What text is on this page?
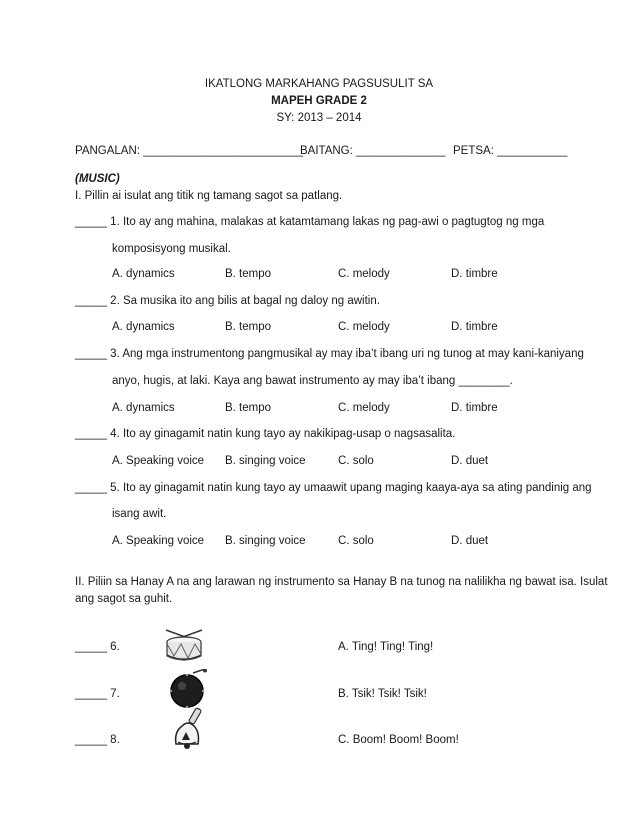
IKATLONG MARKAHANG PAGSUSULIT SA
MAPEH GRADE 2
SY: 2013 – 2014
PANGALAN: _________________________
BAITANG: ______________ PETSA: ___________
(MUSIC)
I. Pillin ai isulat ang titik ng tamang sagot sa patlang.
_____ 1. Ito ay ang mahina, malakas at katamtamang lakas ng pag-awi o pagtugtog ng mga
komposisyong musikal.
A. dynamics	B. tempo	C. melody	D. timbre
_____ 2. Sa musika ito ang bilis at bagal ng daloy ng awitin.
A. dynamics	B. tempo	C. melody	D. timbre
_____ 3. Ang mga instrumentong pangmusikal ay may iba’t ibang uri ng tunog at may kani-kaniyang
anyo, hugis, at laki. Kaya ang bawat instrumento ay may iba’t ibang ________.
A. dynamics	B. tempo	C. melody	D. timbre
_____ 4. Ito ay ginagamit natin kung tayo ay nakikipag-usap o nagsasalita.
A. Speaking voice B. singing voice	C. solo	D. duet
_____ 5. Ito ay ginagamit natin kung tayo ay umaawit upang maging kaaya-aya sa ating pandinig ang
isang awit.
A. Speaking voice B. singing voice	C. solo	D. duet
II. Piliin sa Hanay A na ang larawan ng instrumento sa Hanay B na tunog na nalilikha ng bawat isa. Isulat
ang sagot sa guhit.
_____ 6.	A. Ting! Ting! Ting!
_____ 7.	B. Tsik! Tsik! Tsik!
_____ 8.	C. Boom! Boom! Boom!
